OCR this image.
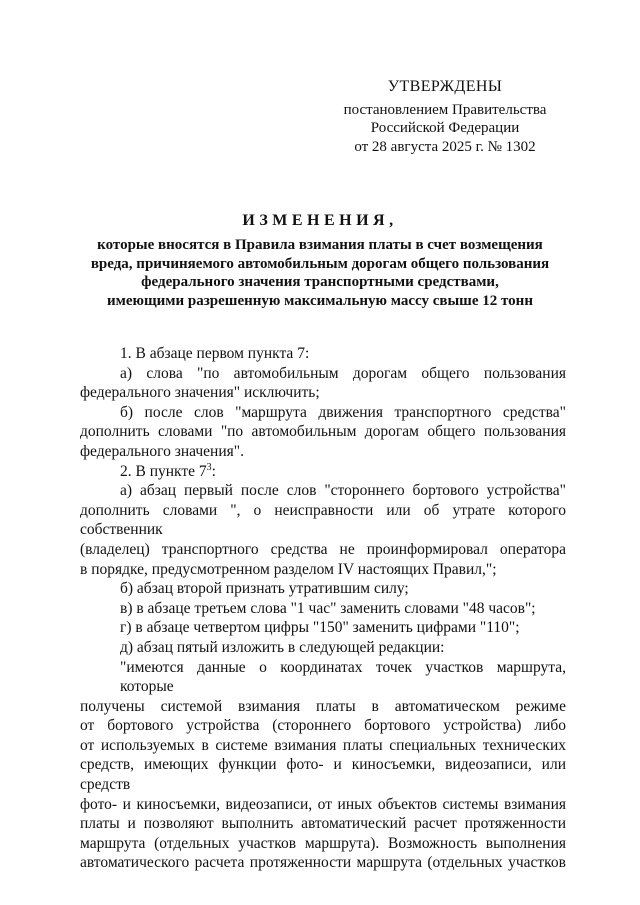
УТВЕРЖДЕНЫ
постановлением Правительства
Российской Федерации
от 28 августа 2025 г. № 1302
ИЗМЕНЕНИЯ,
которые вносятся в Правила взимания платы в счет возмещения
вреда, причиняемого автомобильным дорогам общего пользования
федерального значения транспортными средствами,
имеющими разрешенную максимальную массу свыше 12 тонн
1. В абзаце первом пункта 7:
а) слова "по автомобильным дорогам общего пользования
федерального значения" исключить;
б) после слов "маршрута движения транспортного средства"
дополнить словами "по автомобильным дорогам общего пользования
федерального значения".
2. В пункте $7^3$:
а) абзац первый после слов "стороннего бортового устройства"
дополнить словами ", о неисправности или об утрате которого собственник
(владелец) транспортного средства не проинформировал оператора
в порядке, предусмотренном разделом IV настоящих Правил,";
б) абзац второй признать утратившим силу;
в) в абзаце третьем слова "1 час" заменить словами "48 часов";
г) в абзаце четвертом цифры "150" заменить цифрами "110";
д) абзац пятый изложить в следующей редакции:
"имеются данные о координатах точек участков маршрута, которые
получены системой взимания платы в автоматическом режиме
от бортового устройства (стороннего бортового устройства) либо
от используемых в системе взимания платы специальных технических
средств, имеющих функции фото- и киносъемки, видеозаписи, или средств
фото- и киносъемки, видеозаписи, от иных объектов системы взимания
платы и позволяют выполнить автоматический расчет протяженности
маршрута (отдельных участков маршрута). Возможность выполнения
автоматического расчета протяженности маршрута (отдельных участков
